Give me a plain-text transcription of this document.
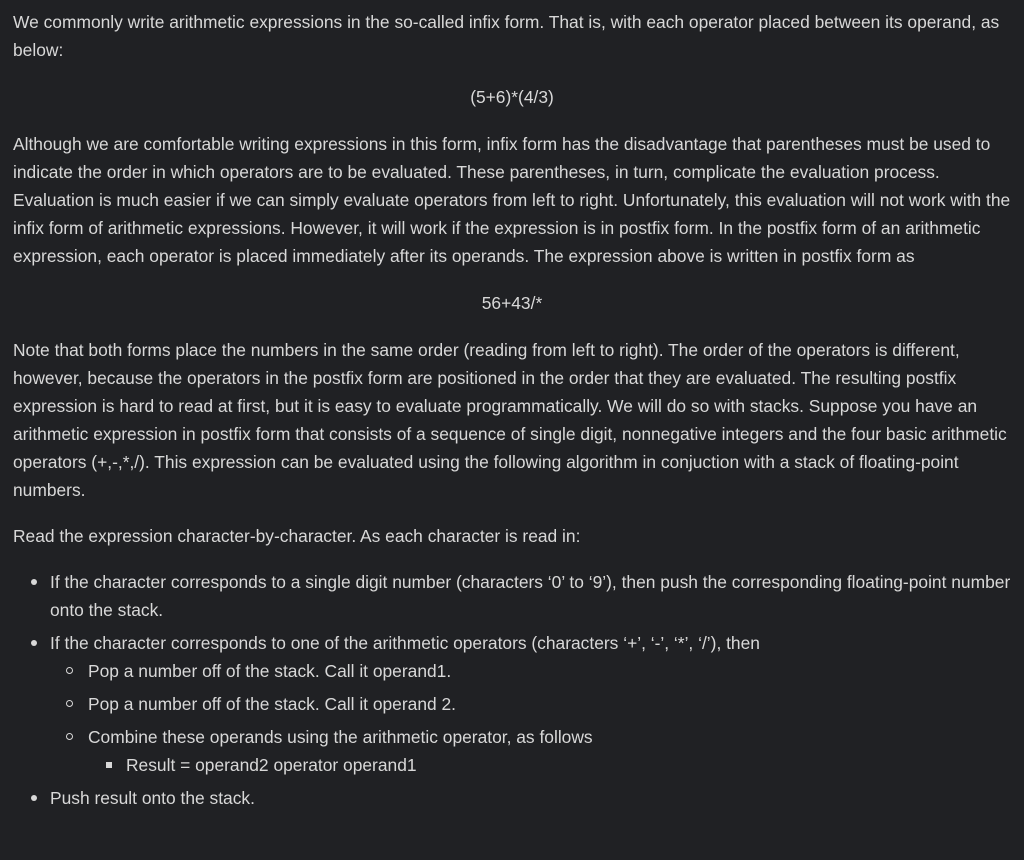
We commonly write arithmetic expressions in the so-called infix form. That is, with each operator placed between its operand, as below:

(5+6)*(4/3)

Although we are comfortable writing expressions in this form, infix form has the disadvantage that parentheses must be used to indicate the order in which operators are to be evaluated. These parentheses, in turn, complicate the evaluation process. Evaluation is much easier if we can simply evaluate operators from left to right. Unfortunately, this evaluation will not work with the infix form of arithmetic expressions. However, it will work if the expression is in postfix form. In the postfix form of an arithmetic expression, each operator is placed immediately after its operands. The expression above is written in postfix form as

56+43/*

Note that both forms place the numbers in the same order (reading from left to right). The order of the operators is different, however, because the operators in the postfix form are positioned in the order that they are evaluated. The resulting postfix expression is hard to read at first, but it is easy to evaluate programmatically. We will do so with stacks. Suppose you have an arithmetic expression in postfix form that consists of a sequence of single digit, nonnegative integers and the four basic arithmetic operators (+,-,*,/). This expression can be evaluated using the following algorithm in conjuction with a stack of floating-point numbers.

Read the expression character-by-character. As each character is read in:

If the character corresponds to a single digit number (characters ‘0’ to ‘9’), then push the corresponding floating-point number onto the stack.
If the character corresponds to one of the arithmetic operators (characters ‘+’, ‘-’, ‘*’, ‘/’), then
Pop a number off of the stack. Call it operand1.
Pop a number off of the stack. Call it operand 2.
Combine these operands using the arithmetic operator, as follows
Result = operand2 operator operand1
Push result onto the stack.
